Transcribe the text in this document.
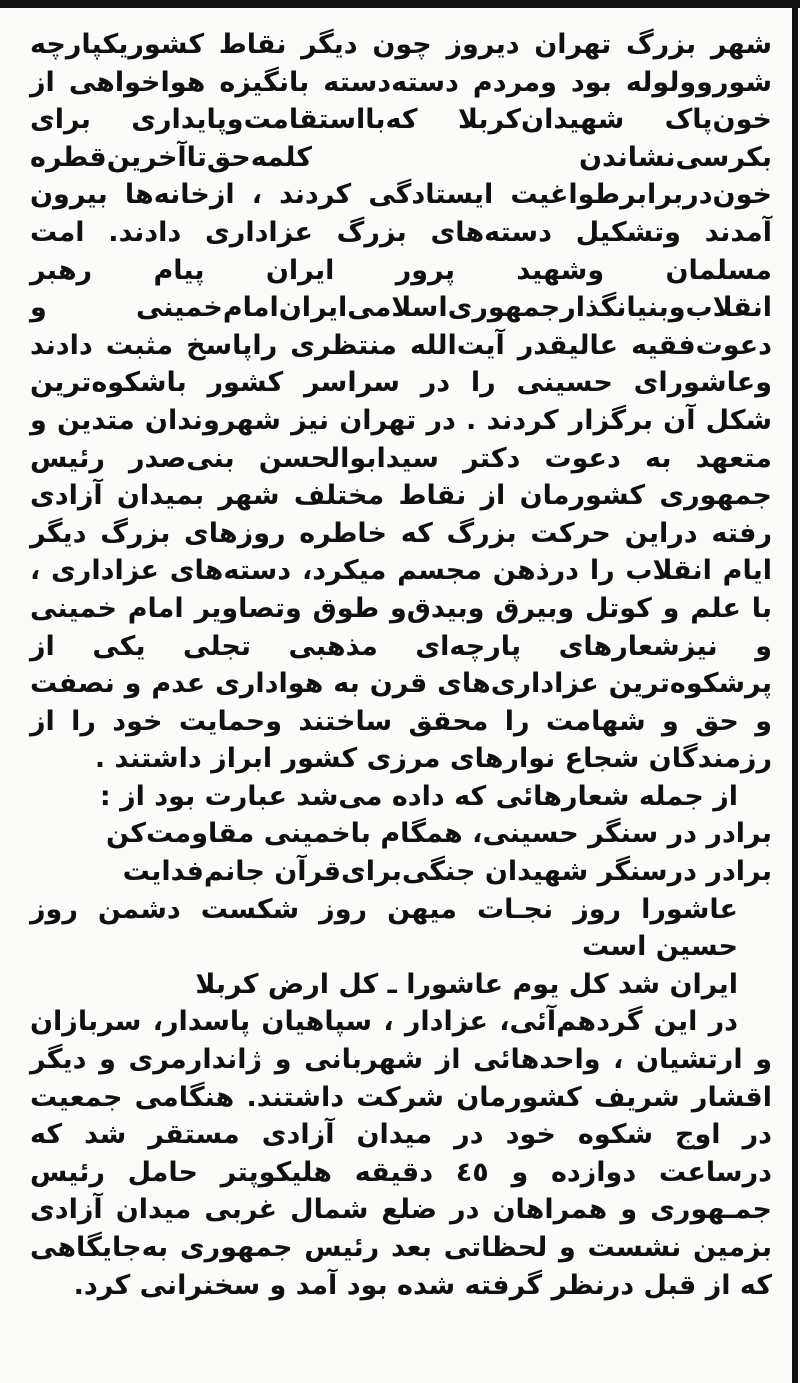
شهر بزرگ تهران دیروز چون دیگر نقاط کشوریکپارچه شوروولوله بود ومردم دسته‌دسته بانگیزه هواخواهی از خون‌پاک شهیدان‌کربلا که‌بااستقامت‌وپایداری برای بکرسی‌نشاندن کلمه‌حق‌تاآخرین‌قطره خون‌دربرابرطواغیت ایستادگی کردند ، ازخانه‌ها بیرون آمدند وتشکیل دسته‌های بزرگ عزاداری دادند. امت مسلمان وشهید پرور ایران پیام رهبر انقلاب‌وبنیانگذارجمهوری‌اسلامی‌ایران‌امام‌خمینی و دعوت‌فقیه عالیقدر آیت‌الله منتظری راپاسخ مثبت دادند وعاشورای حسینی را در سراسر کشور باشکوه‌ترین شکل آن برگزار کردند . در تهران نیز شهروندان متدین و متعهد به دعوت دکتر سیدابوالحسن بنی‌صدر رئیس جمهوری کشورمان از نقاط مختلف شهر بمیدان آزادی رفته دراین حرکت بزرگ که خاطره روزهای بزرگ دیگر ایام انقلاب را درذهن مجسم میکرد، دسته‌های عزاداری ، با علم و کوتل وبیرق وبیدق‌و طوق وتصاویر امام خمینی و نیزشعارهای پارچه‌ای مذهبی تجلی یکی از پرشکوه‌ترین عزاداری‌های قرن به هواداری عدم و نصفت و حق و شهامت را محقق ساختند وحمایت خود را از رزمندگان شجاع نوارهای مرزی کشور ابراز داشتند .

از جمله شعارهائی که داده می‌شد عبارت بود از :

برادر در سنگر حسینی، همگام باخمینی مقاومت‌کن
برادر درسنگر شهیدان جنگی‌برای‌قرآن جانم‌فدایت
عاشورا روز نجـات میهن روز شکست دشمن روز حسین است
ایران شد کل یوم عاشورا ـ کل ارض کربلا

در این گردهم‌آئی، عزادار ، سپاهیان پاسدار، سربازان و ارتشیان ، واحدهائی از شهربانی و ژاندارمری و دیگر اقشار شریف کشورمان شرکت داشتند. هنگامی جمعیت در اوج شکوه خود در میدان آزادی مستقر شد که درساعت دوازده و ٤٥ دقیقه هلیکوپتر حامل رئیس جمـهوری و همراهان در ضلع شمال غربی میدان آزادی بزمین نشست و لحظاتی بعد رئیس جمهوری به‌جایگاهی که از قبل درنظر گرفته شده بود آمد و سخنرانی کرد.
